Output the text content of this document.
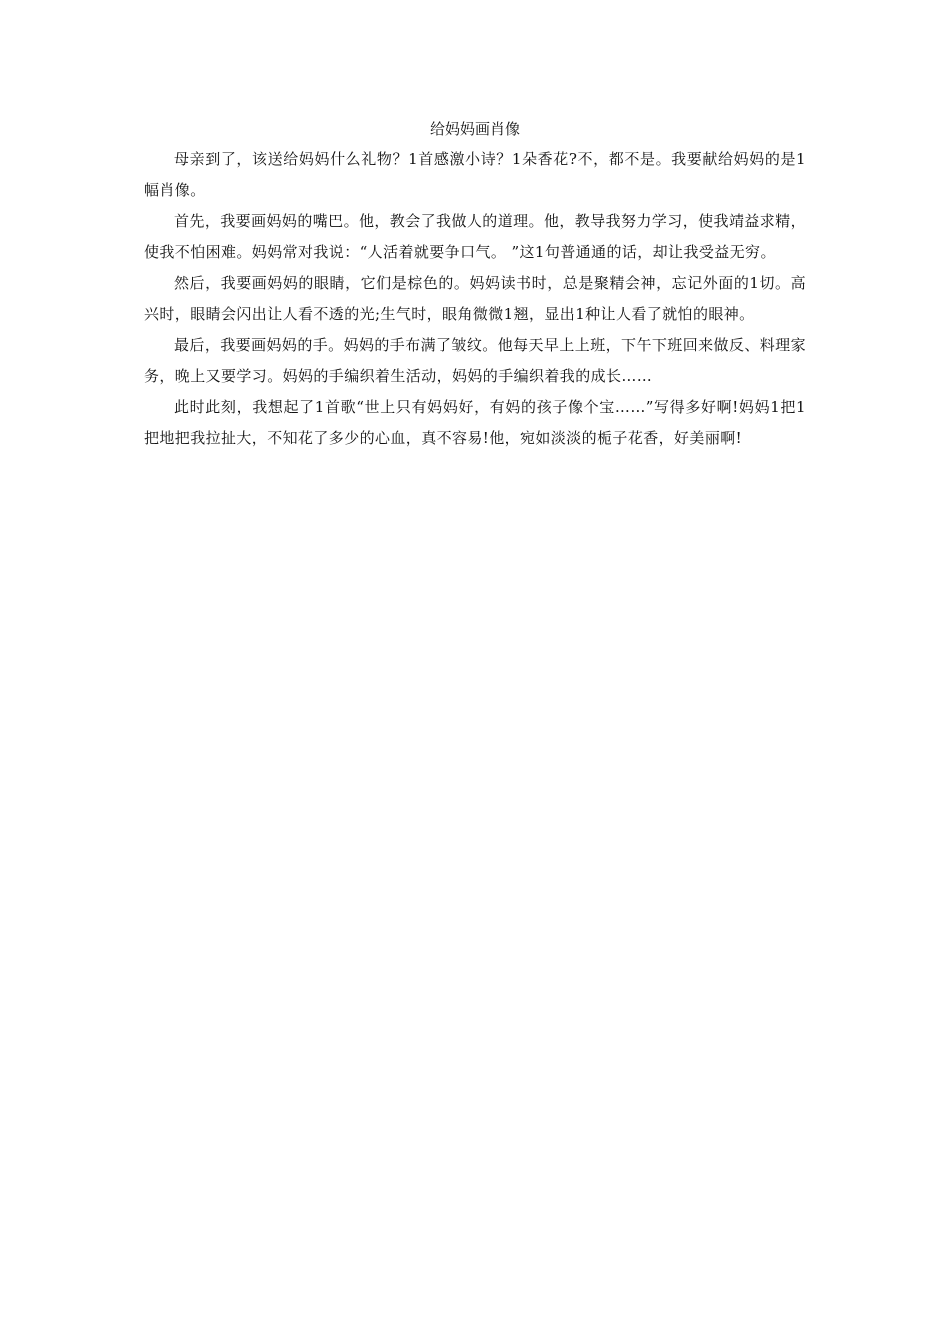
给妈妈画肖像

母亲到了，该送给妈妈什么礼物？1首感激小诗？1朵香花?不，都不是。我要献给妈妈的是1幅肖像。

首先，我要画妈妈的嘴巴。他，教会了我做人的道理。他，教导我努力学习，使我靖益求精，使我不怕困难。妈妈常对我说：“人活着就要争口气。 ”这1句普通通的话，却让我受益无穷。

然后，我要画妈妈的眼睛，它们是棕色的。妈妈读书时，总是聚精会神，忘记外面的1切。高兴时，眼睛会闪出让人看不透的光;生气时，眼角微微1翘，显出1种让人看了就怕的眼神。

最后，我要画妈妈的手。妈妈的手布满了皱纹。他每天早上上班，下午下班回来做反、料理家务，晚上又要学习。妈妈的手编织着生活动，妈妈的手编织着我的成长……

此时此刻，我想起了1首歌“世上只有妈妈好，有妈的孩子像个宝……”写得多好啊!妈妈1把1把地把我拉扯大，不知花了多少的心血，真不容易!他，宛如淡淡的栀子花香，好美丽啊!
